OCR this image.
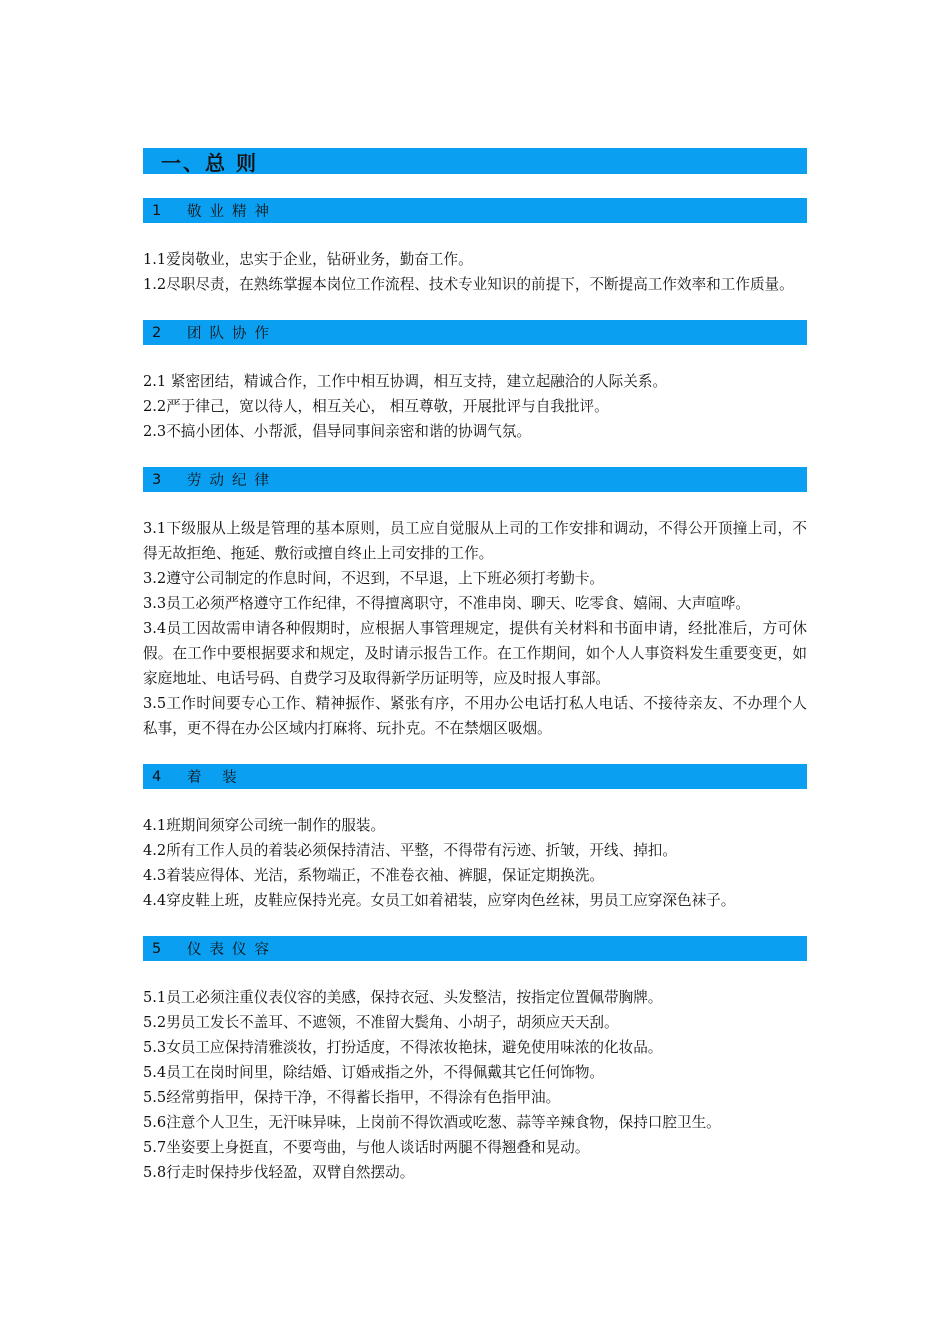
一、总 则
1	敬业精神

1.1爱岗敬业，忠实于企业，钻研业务，勤奋工作。

1.2尽职尽责，在熟练掌握本岗位工作流程、技术专业知识的前提下，不断提高工作效率和工作质量。

2	团队协作

2.1 紧密团结，精诚合作，工作中相互协调，相互支持，建立起融洽的人际关系。

2.2严于律己，宽以待人，相互关心， 相互尊敬，开展批评与自我批评。

2.3不搞小团体、小帮派，倡导同事间亲密和谐的协调气氛。

3	劳动纪律

3.1下级服从上级是管理的基本原则，员工应自觉服从上司的工作安排和调动，不得公开顶撞上司，不得无故拒绝、拖延、敷衍或擅自终止上司安排的工作。

3.2遵守公司制定的作息时间，不迟到，不早退，上下班必须打考勤卡。

3.3员工必须严格遵守工作纪律，不得擅离职守，不准串岗、聊天、吃零食、嬉闹、大声喧哗。

3.4员工因故需申请各种假期时，应根据人事管理规定，提供有关材料和书面申请，经批准后，方可休假。在工作中要根据要求和规定，及时请示报告工作。在工作期间，如个人人事资料发生重要变更，如家庭地址、电话号码、自费学习及取得新学历证明等，应及时报人事部。

3.5工作时间要专心工作、精神振作、紧张有序，不用办公电话打私人电话、不接待亲友、不办理个人私事，更不得在办公区域内打麻将、玩扑克。不在禁烟区吸烟。

4	着 装

4.1班期间须穿公司统一制作的服装。

4.2所有工作人员的着装必须保持清洁、平整，不得带有污迹、折皱，开线、掉扣。

4.3着装应得体、光洁，系物端正，不准卷衣袖、裤腿，保证定期换洗。

4.4穿皮鞋上班，皮鞋应保持光亮。女员工如着裙装，应穿肉色丝袜，男员工应穿深色袜子。

5	仪表仪容

5.1员工必须注重仪表仪容的美感，保持衣冠、头发整洁，按指定位置佩带胸牌。

5.2男员工发长不盖耳、不遮领，不准留大鬓角、小胡子，胡须应天天刮。

5.3女员工应保持清雅淡妆，打扮适度，不得浓妆艳抹，避免使用味浓的化妆品。

5.4员工在岗时间里，除结婚、订婚戒指之外，不得佩戴其它任何饰物。

5.5经常剪指甲，保持干净，不得蓄长指甲，不得涂有色指甲油。

5.6注意个人卫生，无汗味异味，上岗前不得饮酒或吃葱、蒜等辛辣食物，保持口腔卫生。

5.7坐姿要上身挺直，不要弯曲，与他人谈话时两腿不得翘叠和晃动。

5.8行走时保持步伐轻盈，双臂自然摆动。
